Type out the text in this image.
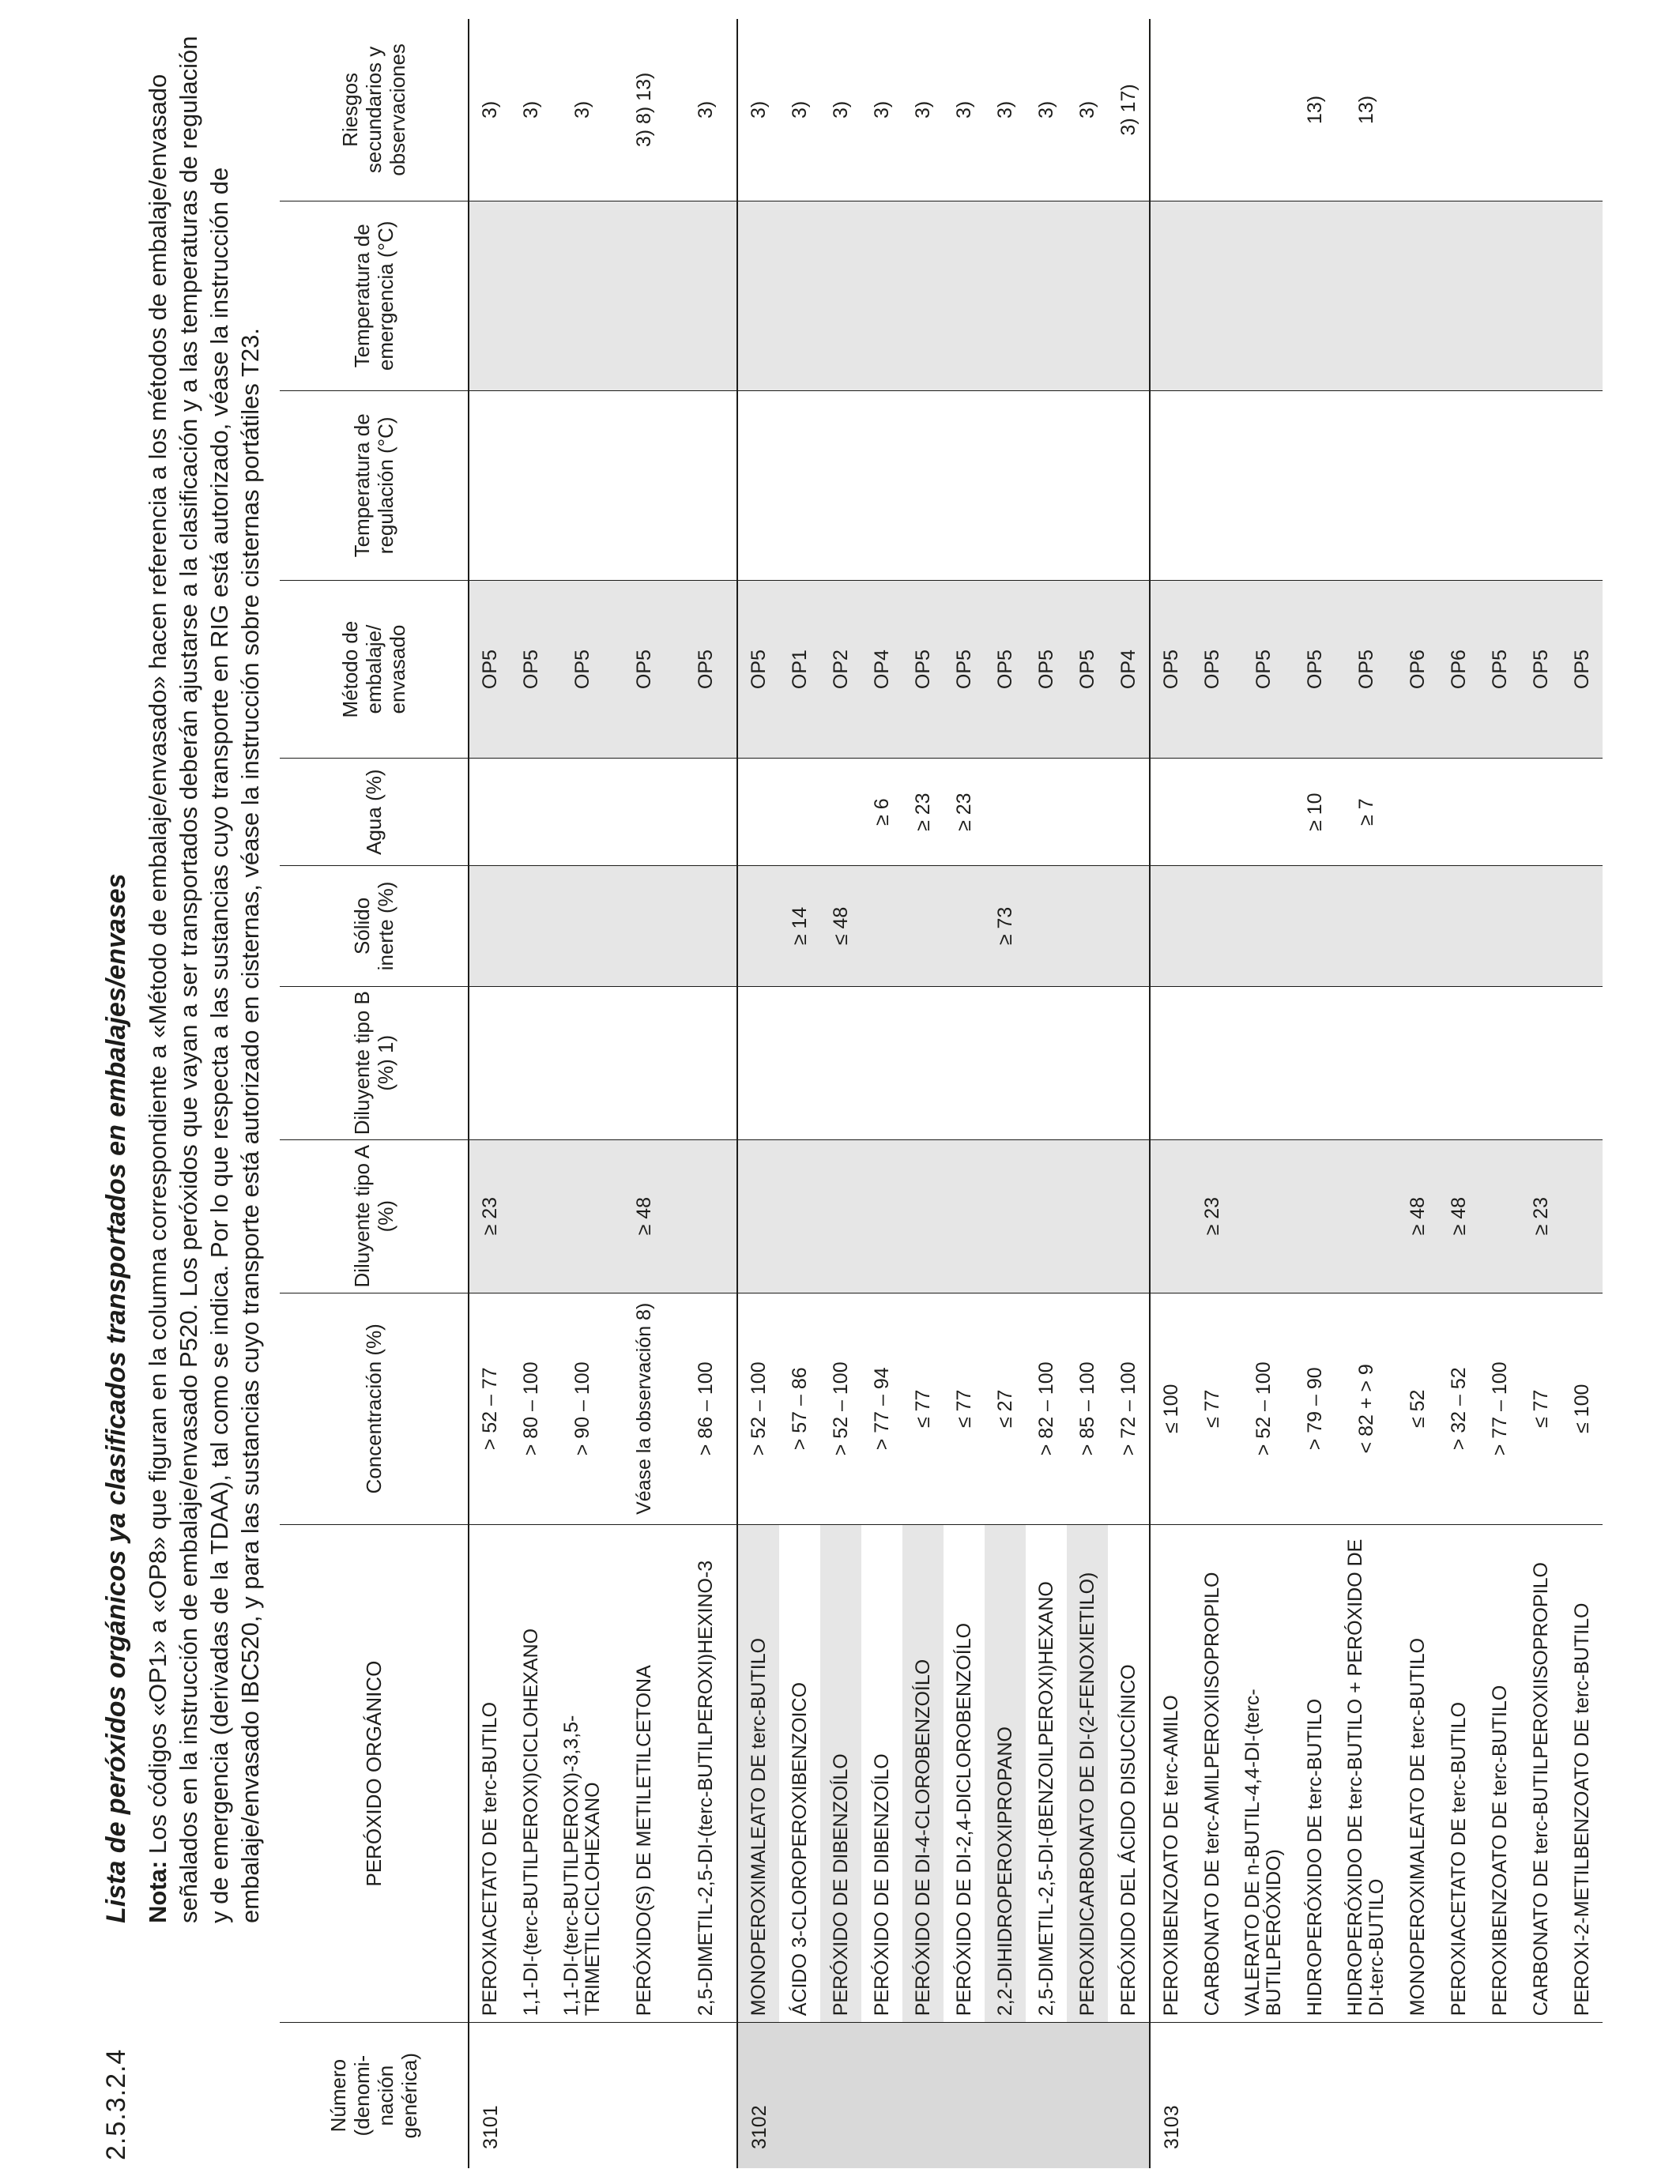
2.5.3.2.4
Lista de peróxidos orgánicos ya clasificados transportados en embalajes/envases Nota: Los códigos «OP1» a «OP8» que figuran en la columna correspondiente a «Método de embalaje/envasado» hacen referencia a los métodos de embalaje/envasado señalados en la instrucción de embalaje/envasado P520. Los peróxidos que vayan a ser transportados deberán ajustarse a la clasificación y a las temperaturas de regulación y de emergencia (derivadas de la TDAA), tal como se indica. Por lo que respecta a las sustancias cuyo transporte en RIG está autorizado, véase la instrucción de embalaje/envasado IBC520, y para las sustancias cuyo transporte está autorizado en cisternas, véase la instrucción sobre cisternas portátiles T23.
Número (denomi-nación genérica)	PERÓXIDO ORGÁNICO	Concentración (%)	Diluyente tipo A (%)	Diluyente tipo B (%) 1)	Sólido inerte (%)	Agua (%)	Método de embalaje/ envasado	Temperatura de regulación (°C)	Temperatura de emergencia (°C)	Riesgos secundarios y observaciones
3101	PEROXIACETATO DE terc-BUTILO	> 52 – 77	≥ 23				OP5			3)
	1,1-DI-(terc-BUTILPEROXI)CICLOHEXANO	> 80 – 100					OP5			3)
	1,1-DI-(terc-BUTILPEROXI)-3,3,5-TRIMETILCICLOHEXANO	> 90 – 100					OP5			3)
	PERÓXIDO(S) DE METILETILCETONA	Véase la observación 8)	≥ 48				OP5			3) 8) 13)
	2,5-DIMETIL-2,5-DI-(terc-BUTILPEROXI)HEXINO-3	> 86 – 100					OP5			3)
3102	MONOPEROXIMALEATO DE terc-BUTILO	> 52 – 100					OP5			3)
	ÁCIDO 3-CLOROPEROXIBENZOICO	> 57 – 86			≥ 14		OP1			3)
	PERÓXIDO DE DIBENZOÍLO	> 52 – 100			≤ 48		OP2			3)
	PERÓXIDO DE DIBENZOÍLO	> 77 – 94				≥ 6	OP4			3)
	PERÓXIDO DE DI-4-CLOROBENZOÍLO	≤ 77				≥ 23	OP5			3)
	PERÓXIDO DE DI-2,4-DICLOROBENZOÍLO	≤ 77				≥ 23	OP5			3)
	2,2-DIHIDROPEROXIPROPANO	≤ 27			≥ 73		OP5			3)
	2,5-DIMETIL-2,5-DI-(BENZOILPEROXI)HEXANO	> 82 – 100					OP5			3)
	PEROXIDICARBONATO DE DI-(2-FENOXIETILO)	> 85 – 100					OP5			3)
	PERÓXIDO DEL ÁCIDO DISUCCÍNICO	> 72 – 100					OP4			3) 17)
3103	PEROXIBENZOATO DE terc-AMILO	≤ 100					OP5			
	CARBONATO DE terc-AMILPEROXIISOPROPILO	≤ 77	≥ 23				OP5			
	VALERATO DE n-BUTIL-4,4-DI-(terc-BUTILPERÓXIDO)	> 52 – 100					OP5			
	HIDROPERÓXIDO DE terc-BUTILO	> 79 – 90				≥ 10	OP5			13)
	HIDROPERÓXIDO DE terc-BUTILO + PERÓXIDO DE DI-terc-BUTILO	< 82 + > 9				≥ 7	OP5			13)
	MONOPEROXIMALEATO DE terc-BUTILO	≤ 52	≥ 48				OP6			
	PEROXIACETATO DE terc-BUTILO	> 32 – 52	≥ 48				OP6			
	PEROXIBENZOATO DE terc-BUTILO	> 77 – 100					OP5			
	CARBONATO DE terc-BUTILPEROXIISOPROPILO	≤ 77	≥ 23				OP5			
	PEROXI-2-METILBENZOATO DE terc-BUTILO	≤ 100					OP5			
